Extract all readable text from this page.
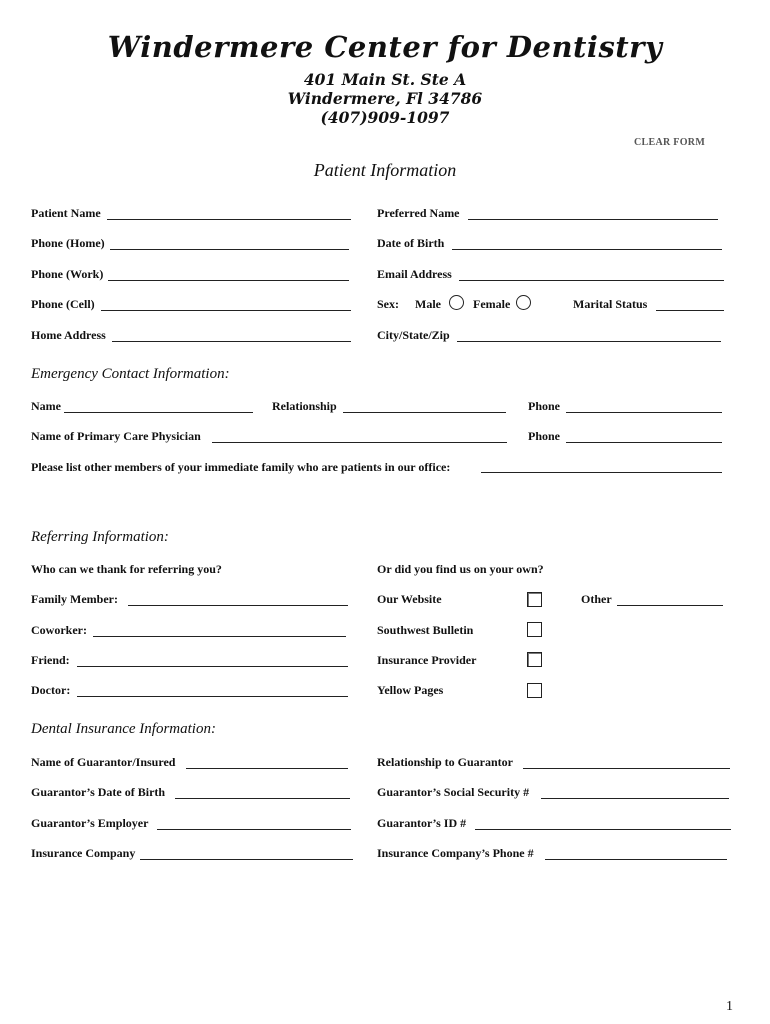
Windermere Center for Dentistry
401 Main St. Ste A
Windermere, Fl 34786
(407)909-1097
CLEAR FORM
Patient Information
Patient Name	Preferred Name
Phone (Home)	Date of Birth
Phone (Work)	Email Address
Phone (Cell)	Sex: Male	Female	Marital Status
Home Address	City/State/Zip
Emergency Contact Information:
Name	Relationship	Phone
Name of Primary Care Physician	Phone
Please list other members of your immediate family who are patients in our office:
Referring Information:
Who can we thank for referring you?	Or did you find us on your own?
Family Member:	Our Website	Other
Coworker:	Southwest Bulletin
Friend:	Insurance Provider
Doctor:	Yellow Pages
Dental Insurance Information:
Name of Guarantor/Insured	Relationship to Guarantor
Guarantor’s Date of Birth	Guarantor’s Social Security #
Guarantor’s Employer	Guarantor’s ID #
Insurance Company	Insurance Company’s Phone #
1
